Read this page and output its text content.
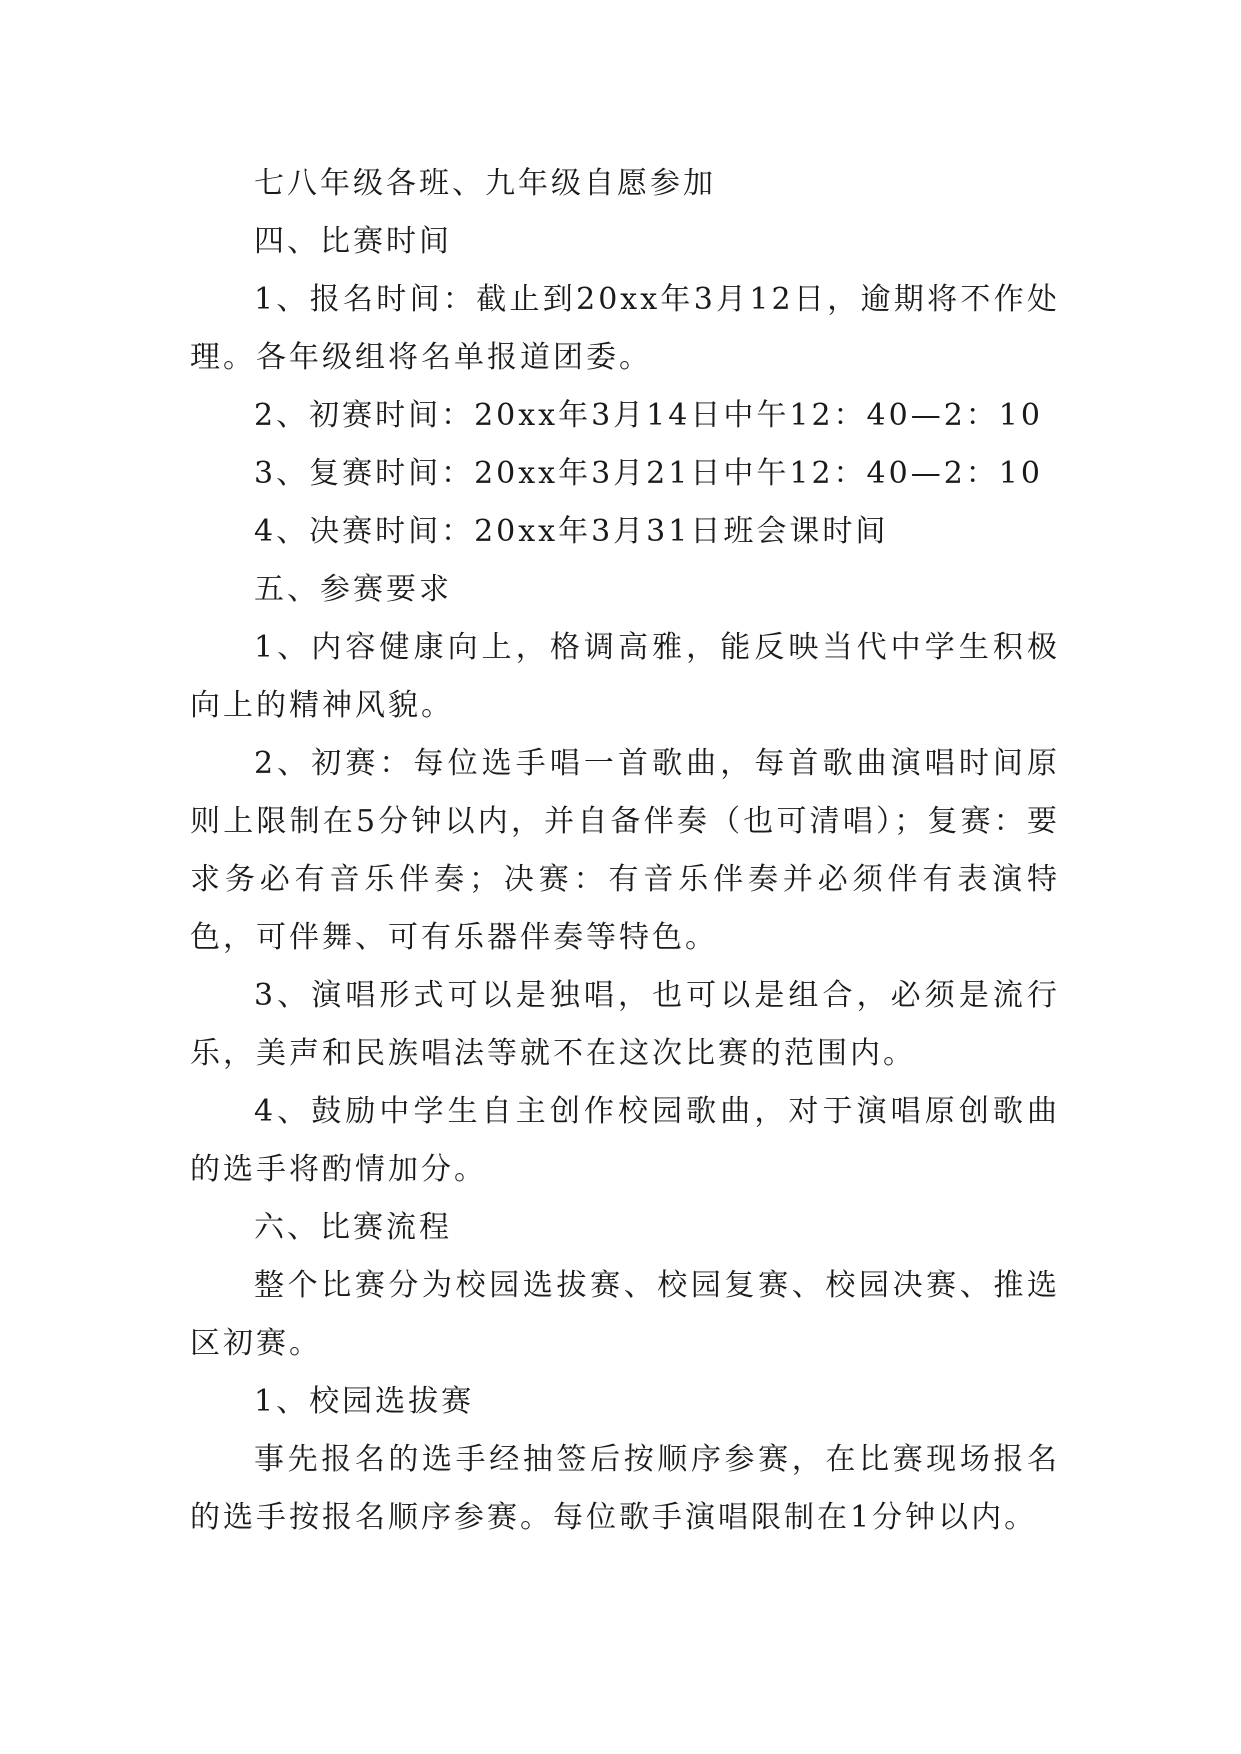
七八年级各班、九年级自愿参加

四、比赛时间

1、报名时间：截止到20xx年3月12日，逾期将不作处理。各年级组将名单报道团委。

2、初赛时间：20xx年3月14日中午12：40—2：10

3、复赛时间：20xx年3月21日中午12：40—2：10

4、决赛时间：20xx年3月31日班会课时间

五、参赛要求

1、内容健康向上，格调高雅，能反映当代中学生积极向上的精神风貌。

2、初赛：每位选手唱一首歌曲，每首歌曲演唱时间原则上限制在5分钟以内，并自备伴奏（也可清唱）；复赛：要求务必有音乐伴奏；决赛：有音乐伴奏并必须伴有表演特色，可伴舞、可有乐器伴奏等特色。

3、演唱形式可以是独唱，也可以是组合，必须是流行乐，美声和民族唱法等就不在这次比赛的范围内。

4、鼓励中学生自主创作校园歌曲，对于演唱原创歌曲的选手将酌情加分。

六、比赛流程

整个比赛分为校园选拔赛、校园复赛、校园决赛、推选区初赛。

1、校园选拔赛

事先报名的选手经抽签后按顺序参赛，在比赛现场报名的选手按报名顺序参赛。每位歌手演唱限制在1分钟以内。
